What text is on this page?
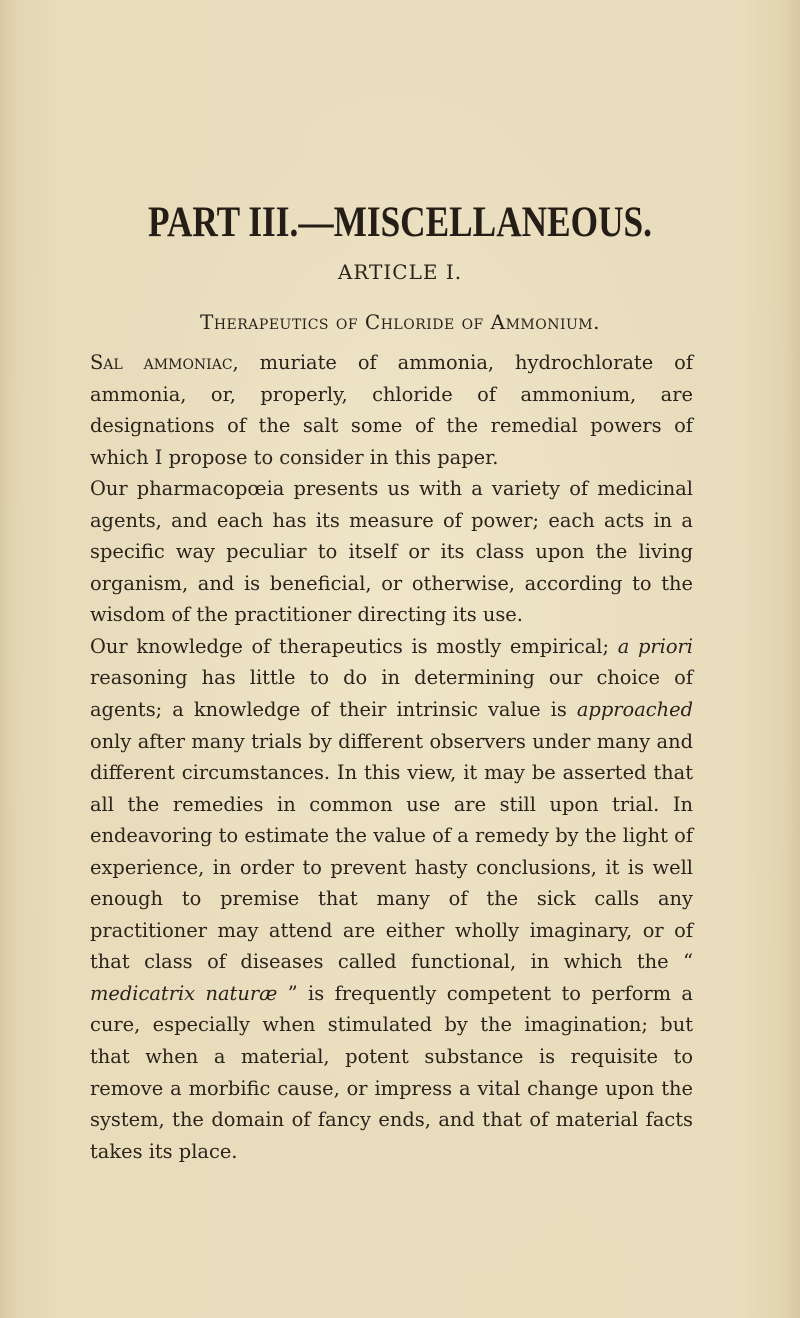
PART III.—MISCELLANEOUS.
ARTICLE I.
Therapeutics of Chloride of Ammonium.

Sal ammoniac, muriate of ammonia, hydrochlorate of ammonia, or, properly, chloride of ammonium, are designations of the salt some of the remedial powers of which I propose to consider in this paper.

Our pharmacopœia presents us with a variety of medicinal agents, and each has its measure of power; each acts in a specific way peculiar to itself or its class upon the living organism, and is beneficial, or otherwise, according to the wisdom of the practitioner directing its use.

Our knowledge of therapeutics is mostly empirical; a priori reasoning has little to do in determining our choice of agents; a knowledge of their intrinsic value is approached only after many trials by different observers under many and different circumstances. In this view, it may be asserted that all the remedies in common use are still upon trial. In endeavoring to estimate the value of a remedy by the light of experience, in order to prevent hasty conclusions, it is well enough to premise that many of the sick calls any practitioner may attend are either wholly imaginary, or of that class of diseases called functional, in which the “ medicatrix naturæ ” is frequently competent to perform a cure, especially when stimulated by the imagination; but that when a material, potent substance is requisite to remove a morbific cause, or impress a vital change upon the system, the domain of fancy ends, and that of material facts takes its place.
